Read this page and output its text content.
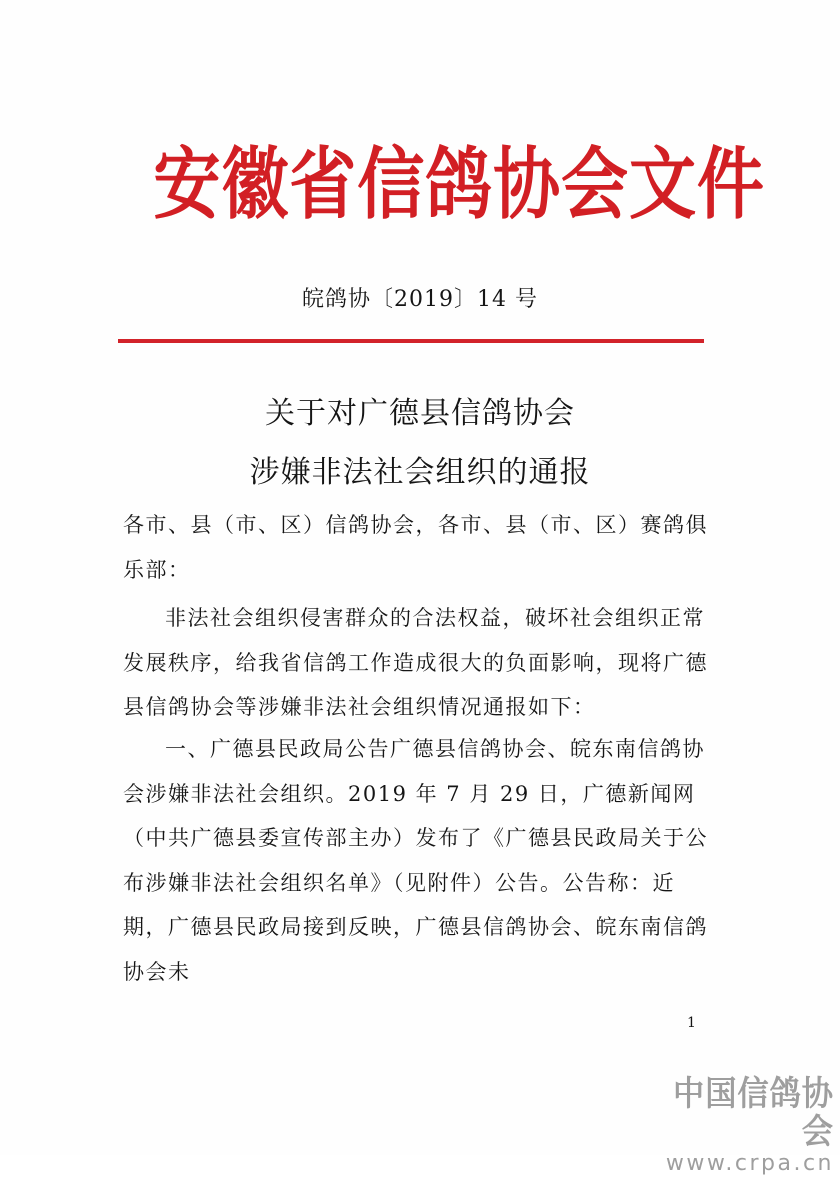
安徽省信鸽协会文件
皖鸽协〔2019〕14 号
关于对广德县信鸽协会
涉嫌非法社会组织的通报
各市、县（市、区）信鸽协会，各市、县（市、区）赛鸽俱乐部：
非法社会组织侵害群众的合法权益，破坏社会组织正常发展秩序，给我省信鸽工作造成很大的负面影响，现将广德县信鸽协会等涉嫌非法社会组织情况通报如下：
一、广德县民政局公告广德县信鸽协会、皖东南信鸽协会涉嫌非法社会组织。2019 年 7 月 29 日，广德新闻网（中共广德县委宣传部主办）发布了《广德县民政局关于公布涉嫌非法社会组织名单》（见附件）公告。公告称：近期，广德县民政局接到反映，广德县信鸽协会、皖东南信鸽协会未
1
中国信鸽协会
www.crpa.cn
